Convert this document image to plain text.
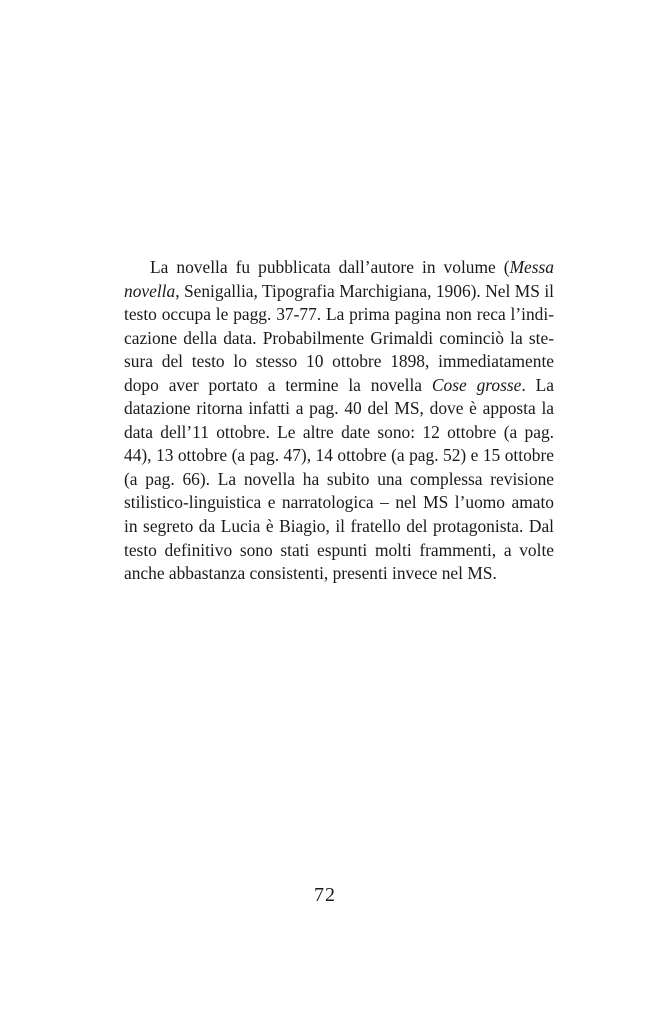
La novella fu pubblicata dall’autore in volume (Messa novella, Senigallia, Tipografia Marchigiana, 1906). Nel MS il testo occupa le pagg. 37-77. La prima pagina non reca l’indicazione della data. Probabilmente Grimaldi cominciò la stesura del testo lo stesso 10 ottobre 1898, immediatamente dopo aver portato a termine la novella Cose grosse. La datazione ritorna infatti a pag. 40 del MS, dove è apposta la data dell’11 ottobre. Le altre date sono: 12 ottobre (a pag. 44), 13 ottobre (a pag. 47), 14 ottobre (a pag. 52) e 15 ottobre (a pag. 66). La novella ha subito una complessa revisione stilistico-linguistica e narratologica – nel MS l’uomo amato in segreto da Lucia è Biagio, il fratello del protagonista. Dal testo definitivo sono stati espunti molti frammenti, a volte anche abbastanza consistenti, presenti invece nel MS.

72
